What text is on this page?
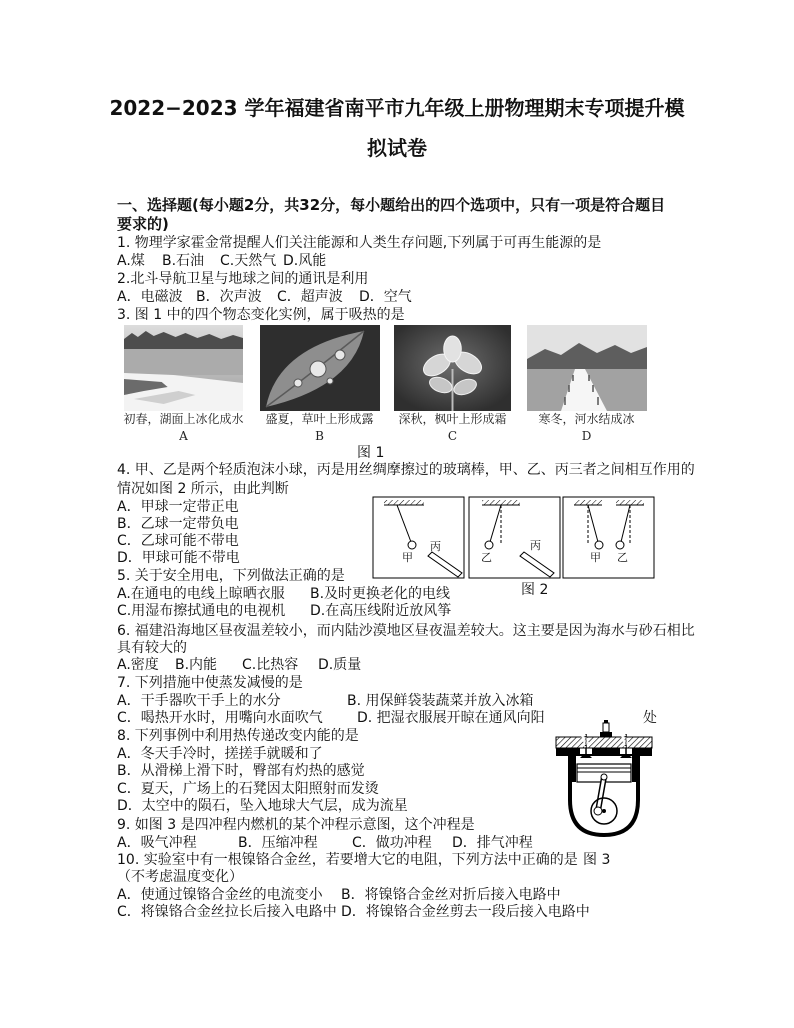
2022−2023 学年福建省南平市九年级上册物理期末专项提升模
拟试卷
一、选择题(每小题2分，共32分，每小题给出的四个选项中，只有一项是符合题目
要求的)
1. 物理学家霍金常提醒人们关注能源和人类生存问题,下列属于可再生能源的是
A.煤 B.石油 C.天然气 D.风能
2.北斗导航卫星与地球之间的通讯是利用
A．电磁波 B．次声波 C．超声波 D．空气
3. 图 1 中的四个物态变化实例，属于吸热的是
初春，湖面上冰化成水	盛夏，草叶上形成露	深秋，枫叶上形成霜	寒冬，河水结成冰
A	B	C	D
图 1
4. 甲、乙是两个轻质泡沫小球，丙是用丝绸摩擦过的玻璃棒，甲、乙、丙三者之间相互作用的
情况如图 2 所示，由此判断
A．甲球一定带正电
B．乙球一定带负电
C．乙球可能不带电
D．甲球可能不带电	甲
丙
乙
丙
甲 乙
图 2
5. 关于安全用电，下列做法正确的是
A.在通电的电线上晾晒衣服 B.及时更换老化的电线
C.用湿布擦拭通电的电视机 D.在高压线附近放风筝
6. 福建沿海地区昼夜温差较小，而内陆沙漠地区昼夜温差较大。这主要是因为海水与砂石相比
具有较大的
A.密度 B.内能 C.比热容 D.质量
7. 下列措施中使蒸发减慢的是
A．干手器吹干手上的水分	B. 用保鲜袋装蔬菜并放入冰箱
C．喝热开水时，用嘴向水面吹气 D. 把湿衣服展开晾在通风向阳	处
8. 下列事例中利用热传递改变内能的是
A．冬天手冷时，搓搓手就暖和了
B．从滑梯上滑下时，臀部有灼热的感觉
C．夏天，广场上的石凳因太阳照射而发烫
D．太空中的陨石，坠入地球大气层，成为流星
9. 如图 3 是四冲程内燃机的某个冲程示意图，这个冲程是
A．吸气冲程	B．压缩冲程 C．做功冲程 D．排气冲程
10. 实验室中有一根镍铬合金丝，若要增大它的电阻，下列方法中正确的是 图 3
（不考虑温度变化）
A．使通过镍铬合金丝的电流变小 B．将镍铬合金丝对折后接入电路中
C．将镍铬合金丝拉长后接入电路中 D．将镍铬合金丝剪去一段后接入电路中
